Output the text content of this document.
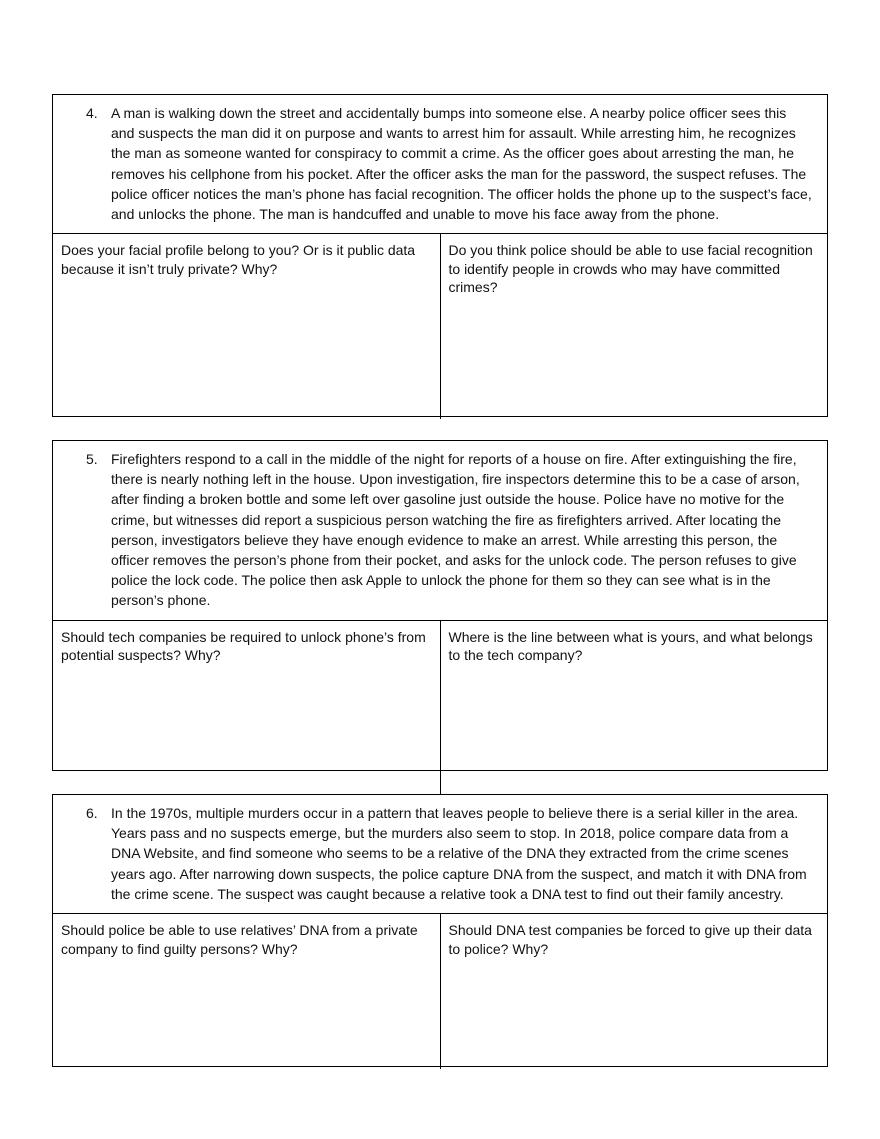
4. A man is walking down the street and accidentally bumps into someone else. A nearby police officer sees this and suspects the man did it on purpose and wants to arrest him for assault. While arresting him, he recognizes the man as someone wanted for conspiracy to commit a crime. As the officer goes about arresting the man, he removes his cellphone from his pocket. After the officer asks the man for the password, the suspect refuses. The police officer notices the man’s phone has facial recognition. The officer holds the phone up to the suspect’s face, and unlocks the phone. The man is handcuffed and unable to move his face away from the phone.
Does your facial profile belong to you? Or is it public data because it isn’t truly private? Why?
Do you think police should be able to use facial recognition to identify people in crowds who may have committed crimes?
5. Firefighters respond to a call in the middle of the night for reports of a house on fire. After extinguishing the fire, there is nearly nothing left in the house. Upon investigation, fire inspectors determine this to be a case of arson, after finding a broken bottle and some left over gasoline just outside the house. Police have no motive for the crime, but witnesses did report a suspicious person watching the fire as firefighters arrived. After locating the person, investigators believe they have enough evidence to make an arrest. While arresting this person, the officer removes the person’s phone from their pocket, and asks for the unlock code. The person refuses to give police the lock code. The police then ask Apple to unlock the phone for them so they can see what is in the person’s phone.
Should tech companies be required to unlock phone’s from potential suspects? Why?
Where is the line between what is yours, and what belongs to the tech company?
6. In the 1970s, multiple murders occur in a pattern that leaves people to believe there is a serial killer in the area. Years pass and no suspects emerge, but the murders also seem to stop. In 2018, police compare data from a DNA Website, and find someone who seems to be a relative of the DNA they extracted from the crime scenes years ago. After narrowing down suspects, the police capture DNA from the suspect, and match it with DNA from the crime scene. The suspect was caught because a relative took a DNA test to find out their family ancestry.
Should police be able to use relatives’ DNA from a private company to find guilty persons? Why?
Should DNA test companies be forced to give up their data to police? Why?
